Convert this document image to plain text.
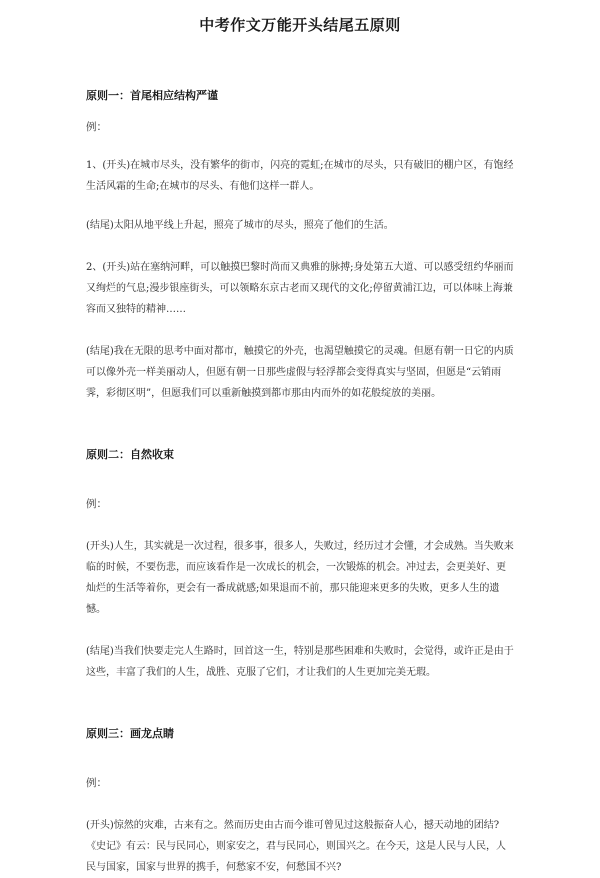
中考作文万能开头结尾五原则
原则一：首尾相应结构严谨
例：

1、(开头)在城市尽头，没有繁华的街市，闪亮的霓虹;在城市的尽头，只有破旧的棚户区，有饱经生活风霜的生命;在城市的尽头、有他们这样一群人。

(结尾)太阳从地平线上升起，照亮了城市的尽头，照亮了他们的生活。

2、(开头)站在塞纳河畔，可以触摸巴黎时尚而又典雅的脉搏;身处第五大道、可以感受纽约华丽而又绚烂的气息;漫步银座街头，可以领略东京古老而又现代的文化;停留黄浦江边，可以体味上海兼容而又独特的精神……

(结尾)我在无限的思考中面对都市，触摸它的外壳，也渴望触摸它的灵魂。但愿有朝一日它的内质可以像外壳一样美丽动人，但愿有朝一日那些虚假与轻浮都会变得真实与坚固，但愿是“云销雨霁，彩彻区明”，但愿我们可以重新触摸到都市那由内而外的如花般绽放的美丽。

原则二：自然收束
例：

(开头)人生，其实就是一次过程，很多事，很多人，失败过，经历过才会懂，才会成熟。当失败来临的时候，不要伤悲，而应该看作是一次成长的机会，一次锻炼的机会。冲过去，会更美好、更灿烂的生活等着你，更会有一番成就感;如果退而不前，那只能迎来更多的失败，更多人生的遗憾。

(结尾)当我们快要走完人生路时，回首这一生，特别是那些困难和失败时，会觉得，或许正是由于这些，丰富了我们的人生，战胜、克服了它们，才让我们的人生更加完美无瑕。

原则三：画龙点睛
例：

(开头)惊然的灾难，古来有之。然而历史由古而今谁可曾见过这般振奋人心，撼天动地的团结?《史记》有云：民与民同心，则家安之，君与民同心，则国兴之。在今天，这是人民与人民，人民与国家，国家与世界的携手，何愁家不安，何愁国不兴?
